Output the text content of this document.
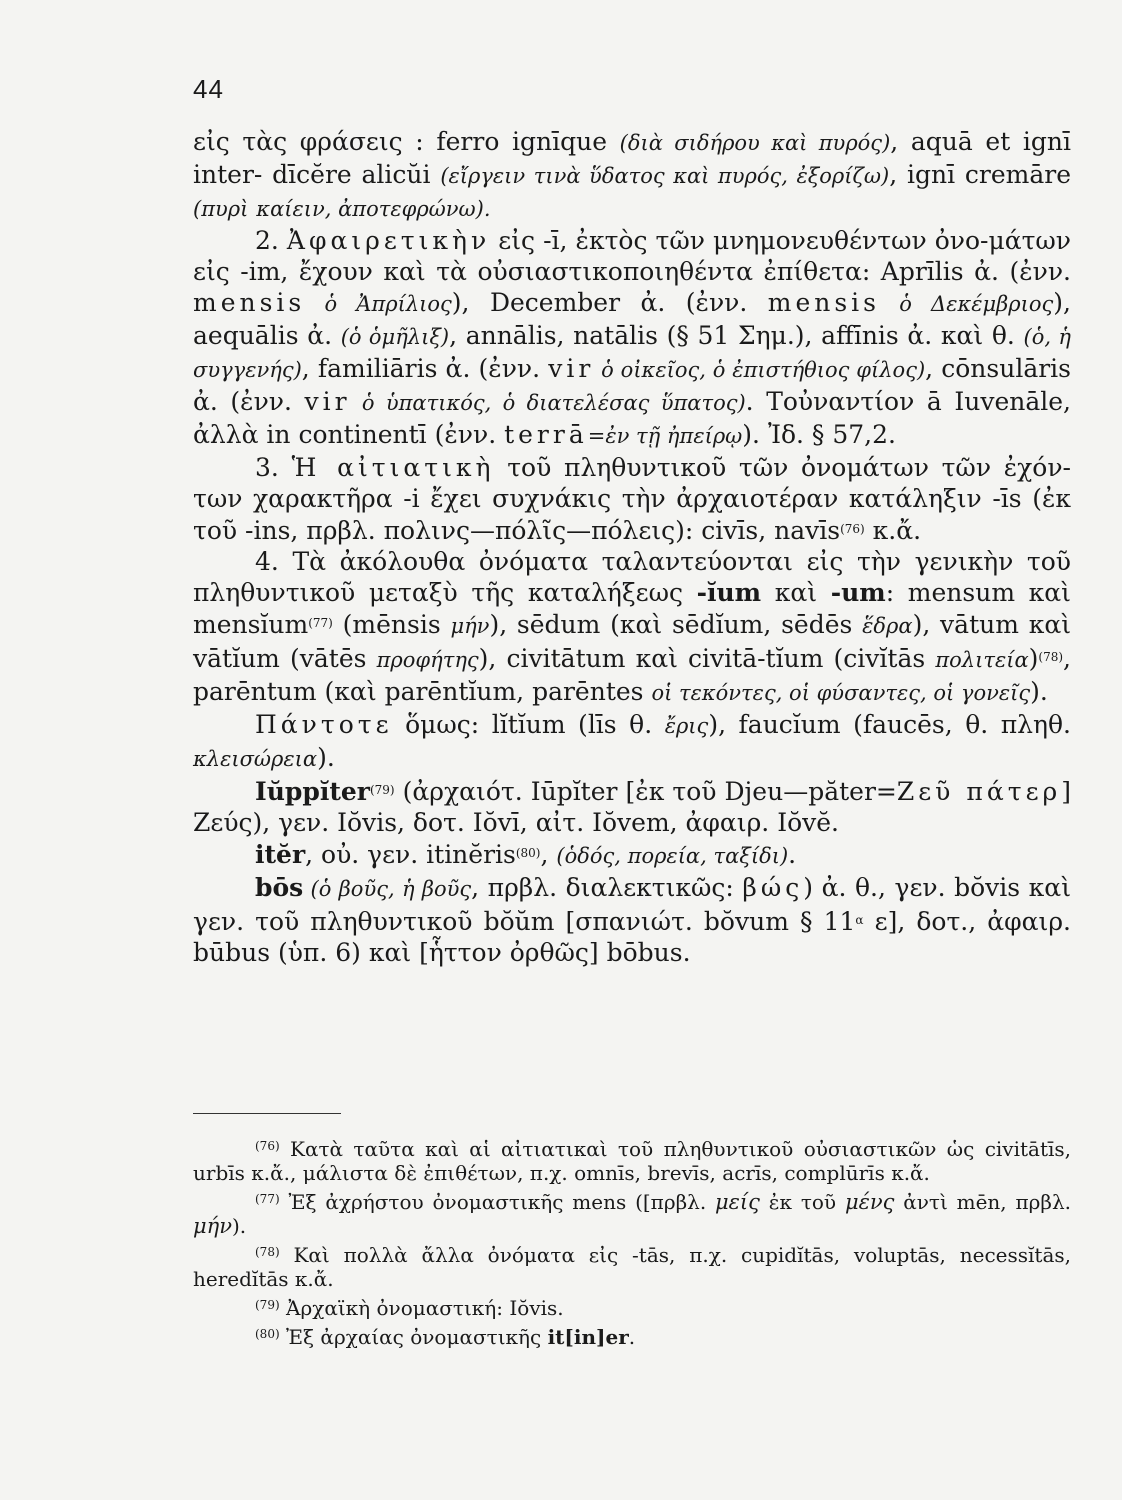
44

εἰς τὰς φράσεις : ferro ignīque (διὰ σιδήρου καὶ πυρός), aquā et ignī inter- dīcĕre alicŭi (εἴργειν τινὰ ὕδατος καὶ πυρός, ἐξορίζω), ignī cremāre (πυρὶ καίειν, ἀποτεφρώνω).

2. Ἀφαιρετικὴν εἰς -ī, ἐκτὸς τῶν μνημονευθέντων ὀνο-μάτων εἰς -im, ἔχουν καὶ τὰ οὐσιαστικοποιηθέντα ἐπίθετα: Aprīlis ἀ. (ἐνν. mensis ὁ Ἀπρίλιος), December ἀ. (ἐνν. mensis ὁ Δεκέμβριος), aequālis ἀ. (ὁ ὁμῆλιξ), annālis, natālis (§ 51 Σημ.), affīnis ἀ. καὶ θ. (ὁ, ἡ συγγενής), familiāris ἀ. (ἐνν. vir ὁ οἰκεῖος, ὁ ἐπιστήθιος φίλος), cōnsulāris ἀ. (ἐνν. vir ὁ ὑπατικός, ὁ διατελέσας ὕπατος). Τοὐναντίον ā Iuvenāle, ἀλλὰ in continentī (ἐνν. terrā=ἐν τῇ ἠπείρῳ). Ἰδ. § 57,2.

3. Ἡ αἰτιατικὴ τοῦ πληθυντικοῦ τῶν ὀνομάτων τῶν ἐχόν-των χαρακτῆρα -i ἔχει συχνάκις τὴν ἀρχαιοτέραν κατάληξιν -īs (ἐκ τοῦ -ins, πρβλ. πολινς—πόλῖς—πόλεις): civīs, navīs$^{(76)}$ κ.ἄ.

4. Τὰ ἀκόλουθα ὀνόματα ταλαντεύονται εἰς τὴν γενικὴν τοῦ πληθυντικοῦ μεταξὺ τῆς καταλήξεως -ĭum καὶ -um: mensum καὶ mensĭum$^{(77)}$ (mēnsis μήν), sēdum (καὶ sēdĭum, sēdēs ἕδρα), vātum καὶ vātĭum (vātēs προφήτης), civitātum καὶ civitā-tĭum (civĭtās πολιτεία)$^{(78)}$, parēntum (καὶ parēntĭum, parēntes οἱ τεκόντες, οἱ φύσαντες, οἱ γονεῖς).

Πάντοτε ὅμως: lĭtĭum (līs θ. ἔρις), faucĭum (faucēs, θ. πληθ. κλεισώρεια).

Iŭppĭter$^{(79)}$ (ἀρχαιότ. Iūpĭter [ἐκ τοῦ Djeu—păter=Ζεῦ πάτερ] Ζεύς), γεν. Iŏvis, δοτ. Iŏvī, αἰτ. Iŏvem, ἀφαιρ. Iŏvĕ.

itĕr, οὐ. γεν. itinĕris$^{(80)}$, (ὁδός, πορεία, ταξίδι).

bōs (ὁ βοῦς, ἡ βοῦς, πρβλ. διαλεκτικῶς: βώς) ἀ. θ., γεν. bŏvis καὶ γεν. τοῦ πληθυντικοῦ bŏŭm [σπανιώτ. bŏvum § $11^\alpha$ ε], δοτ., ἀφαιρ. būbus (ὑπ. 6) καὶ [ἧττον ὀρθῶς] bōbus.

$^{(76)}$ Κατὰ ταῦτα καὶ αἱ αἰτιατικαὶ τοῦ πληθυντικοῦ οὐσιαστικῶν ὡς civitātīs, urbīs κ.ἄ., μάλιστα δὲ ἐπιθέτων, π.χ. omnīs, brevīs, acrīs, complūrīs κ.ἄ.

$^{(77)}$ Ἐξ ἀχρήστου ὀνομαστικῆς mens ([πρβλ. μείς ἐκ τοῦ μένς ἀντὶ mēn, πρβλ. μήν).

$^{(78)}$ Καὶ πολλὰ ἄλλα ὀνόματα εἰς -tās, π.χ. cupidĭtās, voluptās, necessĭtās, heredĭtās κ.ἄ.

$^{(79)}$ Ἀρχαϊκὴ ὀνομαστική: Iŏvis.

$^{(80)}$ Ἐξ ἀρχαίας ὀνομαστικῆς it[in]er.
